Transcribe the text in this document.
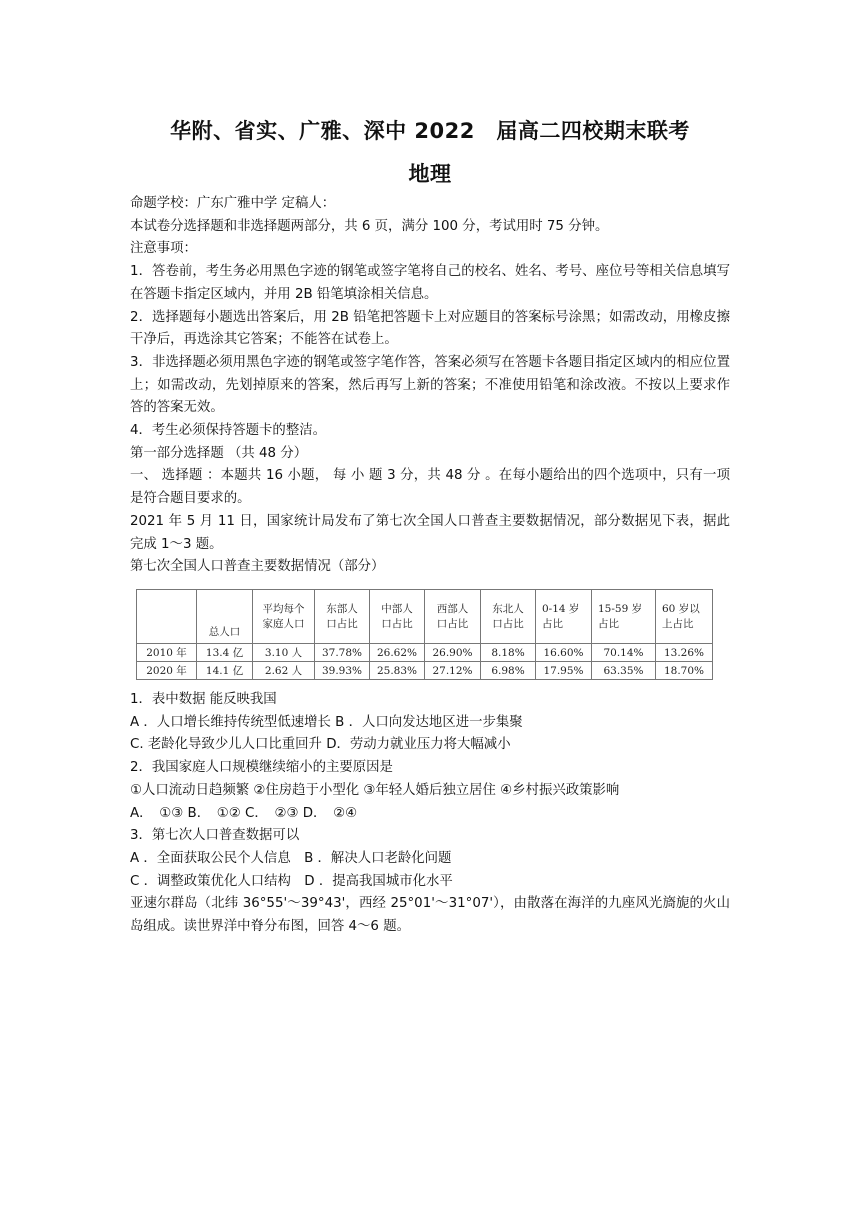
华附、省实、广雅、深中 2022　届高二四校期末联考
地理

命题学校：广东广雅中学 定稿人：

本试卷分选择题和非选择题两部分，共 6 页，满分 100 分，考试用时 75 分钟。

注意事项：

1．答卷前，考生务必用黑色字迹的钢笔或签字笔将自己的校名、姓名、考号、座位号等相关信息填写在答题卡指定区域内，并用 2B 铅笔填涂相关信息。

2．选择题每小题选出答案后，用 2B 铅笔把答题卡上对应题目的答案标号涂黑；如需改动，用橡皮擦干净后，再选涂其它答案；不能答在试卷上。

3．非选择题必须用黑色字迹的钢笔或签字笔作答，答案必须写在答题卡各题目指定区域内的相应位置上；如需改动，先划掉原来的答案，然后再写上新的答案；不准使用铅笔和涂改液。不按以上要求作答的答案无效。

4．考生必须保持答题卡的整洁。

第一部分选择题 （共 48 分）

一、 选择题 ：本题共 16 小题， 每 小 题 3 分，共 48 分 。在每小题给出的四个选项中，只有一项是符合题目要求的。

2021 年 5 月 11 日，国家统计局发布了第七次全国人口普查主要数据情况，部分数据见下表，据此完成 1～3 题。

第七次全国人口普查主要数据情况（部分）

	总人口	平均每个家庭人口	东部人口占比	中部人口占比	西部人口占比	东北人口占比	0-14 岁占比	15-59 岁占比	60 岁以上占比
2010 年	13.4 亿	3.10 人	37.78%	26.62%	26.90%	8.18%	16.60%	70.14%	13.26%
2020 年	14.1 亿	2.62 人	39.93%	25.83%	27.12%	6.98%	17.95%	63.35%	18.70%

1．表中数据 能反映我国

A ．人口增长维持传统型低速增长 B ．人口向发达地区进一步集聚

C. 老龄化导致少儿人口比重回升 D．劳动力就业压力将大幅减小

2．我国家庭人口规模继续缩小的主要原因是

①人口流动日趋频繁 ②住房趋于小型化 ③年轻人婚后独立居住 ④乡村振兴政策影响

A．　①③ B．　①② C．　②③ D．　②④

3．第七次人口普查数据可以

A ．全面获取公民个人信息　B ．解决人口老龄化问题

C ．调整政策优化人口结构　D ．提高我国城市化水平

亚速尔群岛（北纬 36°55'～39°43'，西经 25°01'～31°07'），由散落在海洋的九座风光旖旎的火山岛组成。读世界洋中脊分布图，回答 4～6 题。
